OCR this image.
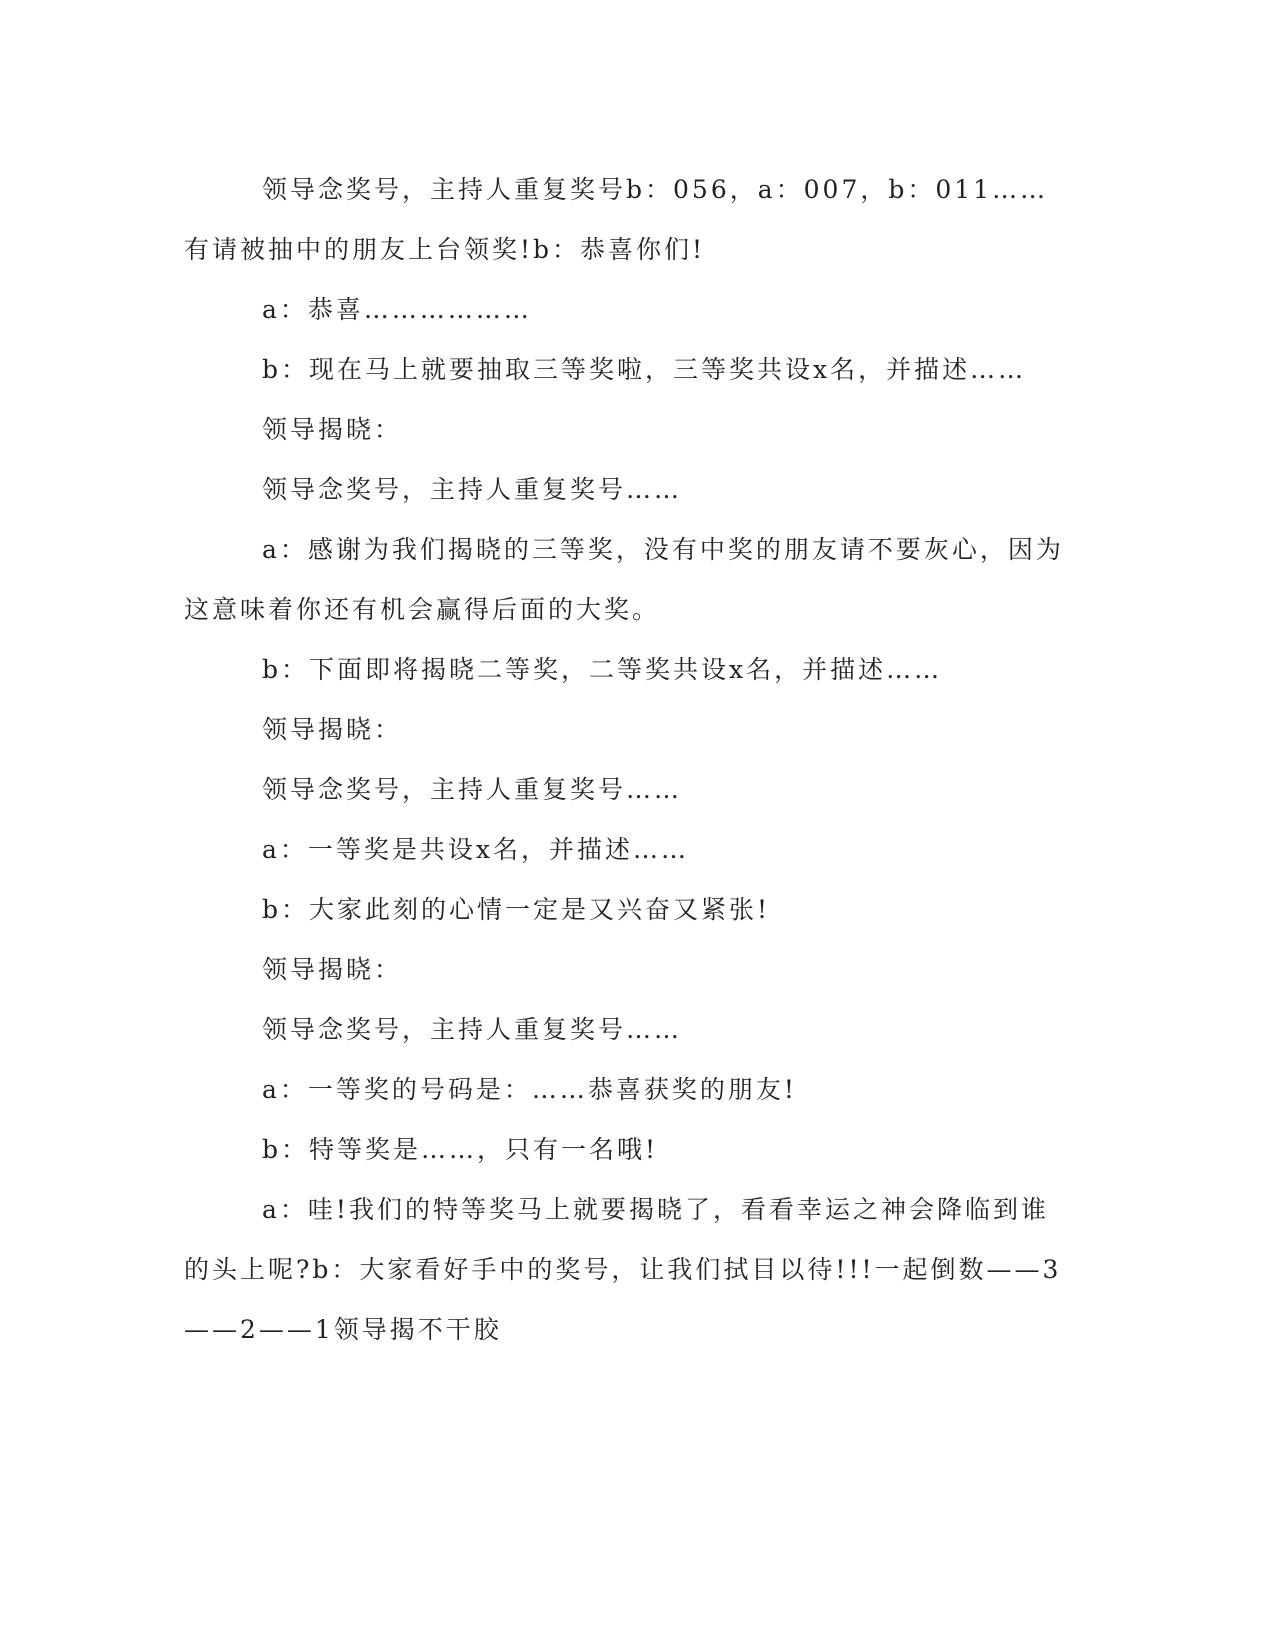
领导念奖号，主持人重复奖号b：056，a：007，b：011……有请被抽中的朋友上台领奖!b：恭喜你们!

a：恭喜………………

b：现在马上就要抽取三等奖啦，三等奖共设x名，并描述……

领导揭晓：

领导念奖号，主持人重复奖号……

a：感谢为我们揭晓的三等奖，没有中奖的朋友请不要灰心，因为这意味着你还有机会赢得后面的大奖。

b：下面即将揭晓二等奖，二等奖共设x名，并描述……

领导揭晓：

领导念奖号，主持人重复奖号……

a：一等奖是共设x名，并描述……

b：大家此刻的心情一定是又兴奋又紧张!

领导揭晓：

领导念奖号，主持人重复奖号……

a：一等奖的号码是：……恭喜获奖的朋友!

b：特等奖是……，只有一名哦!

a：哇!我们的特等奖马上就要揭晓了，看看幸运之神会降临到谁的头上呢?b：大家看好手中的奖号，让我们拭目以待!!!一起倒数——3——2——1领导揭不干胶
